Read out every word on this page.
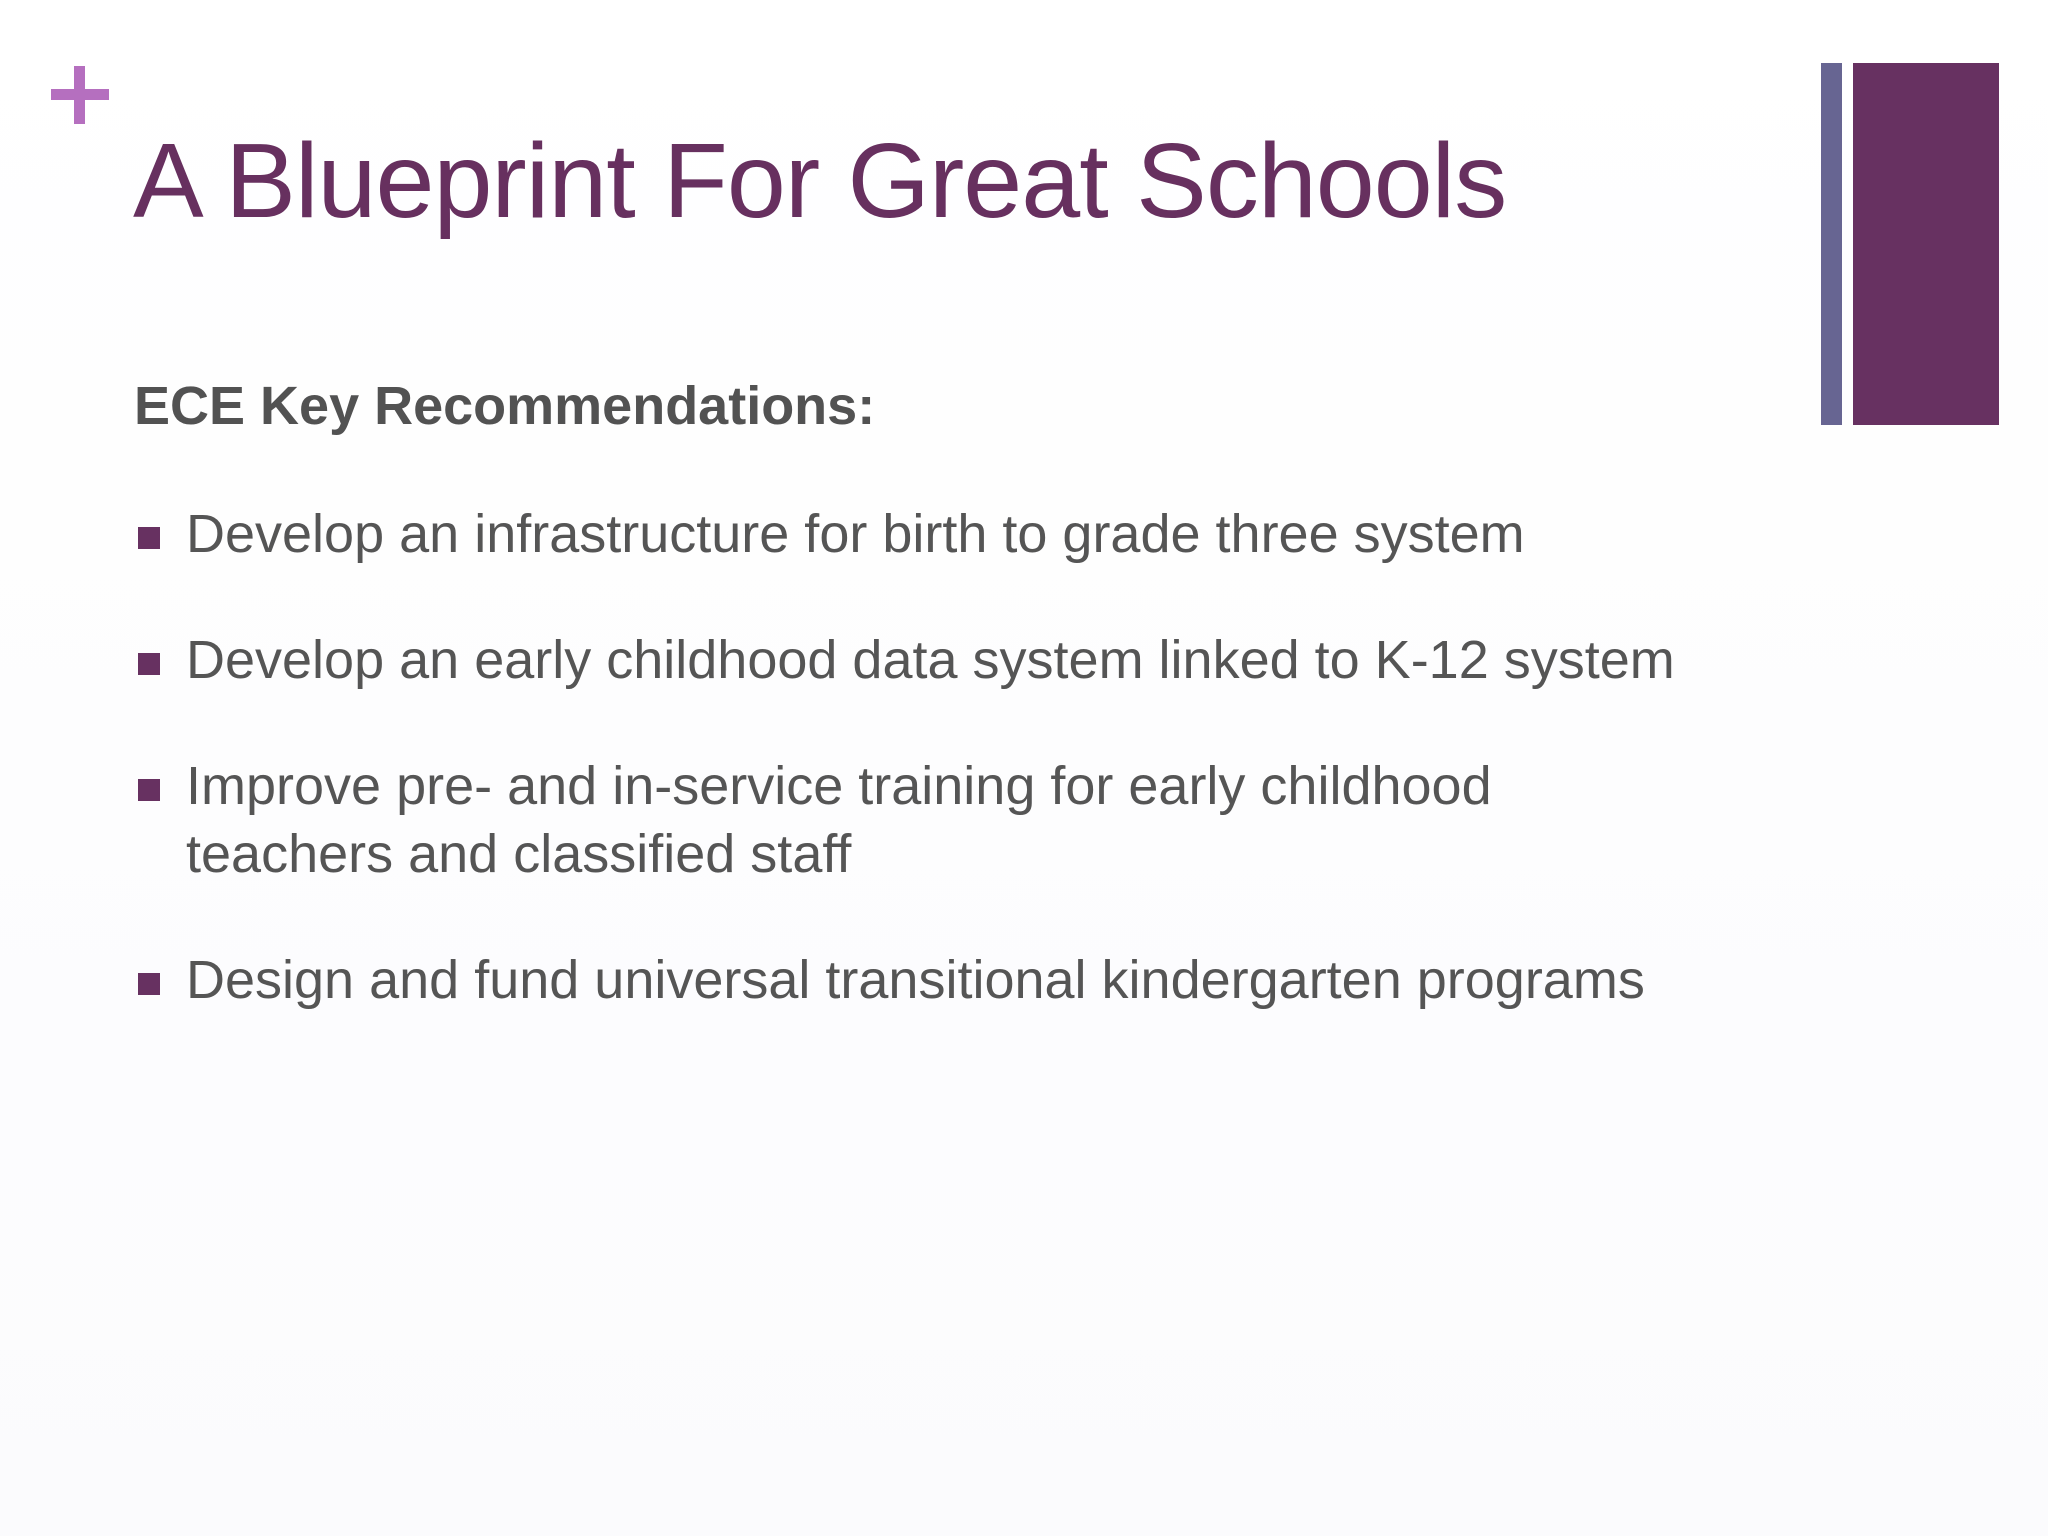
A Blueprint For Great Schools
ECE Key Recommendations:
Develop an infrastructure for birth to grade three system
Develop an early childhood data system linked to K-12 system
Improve pre- and in-service training for early childhood teachers and classified staff
Design and fund universal transitional kindergarten programs
